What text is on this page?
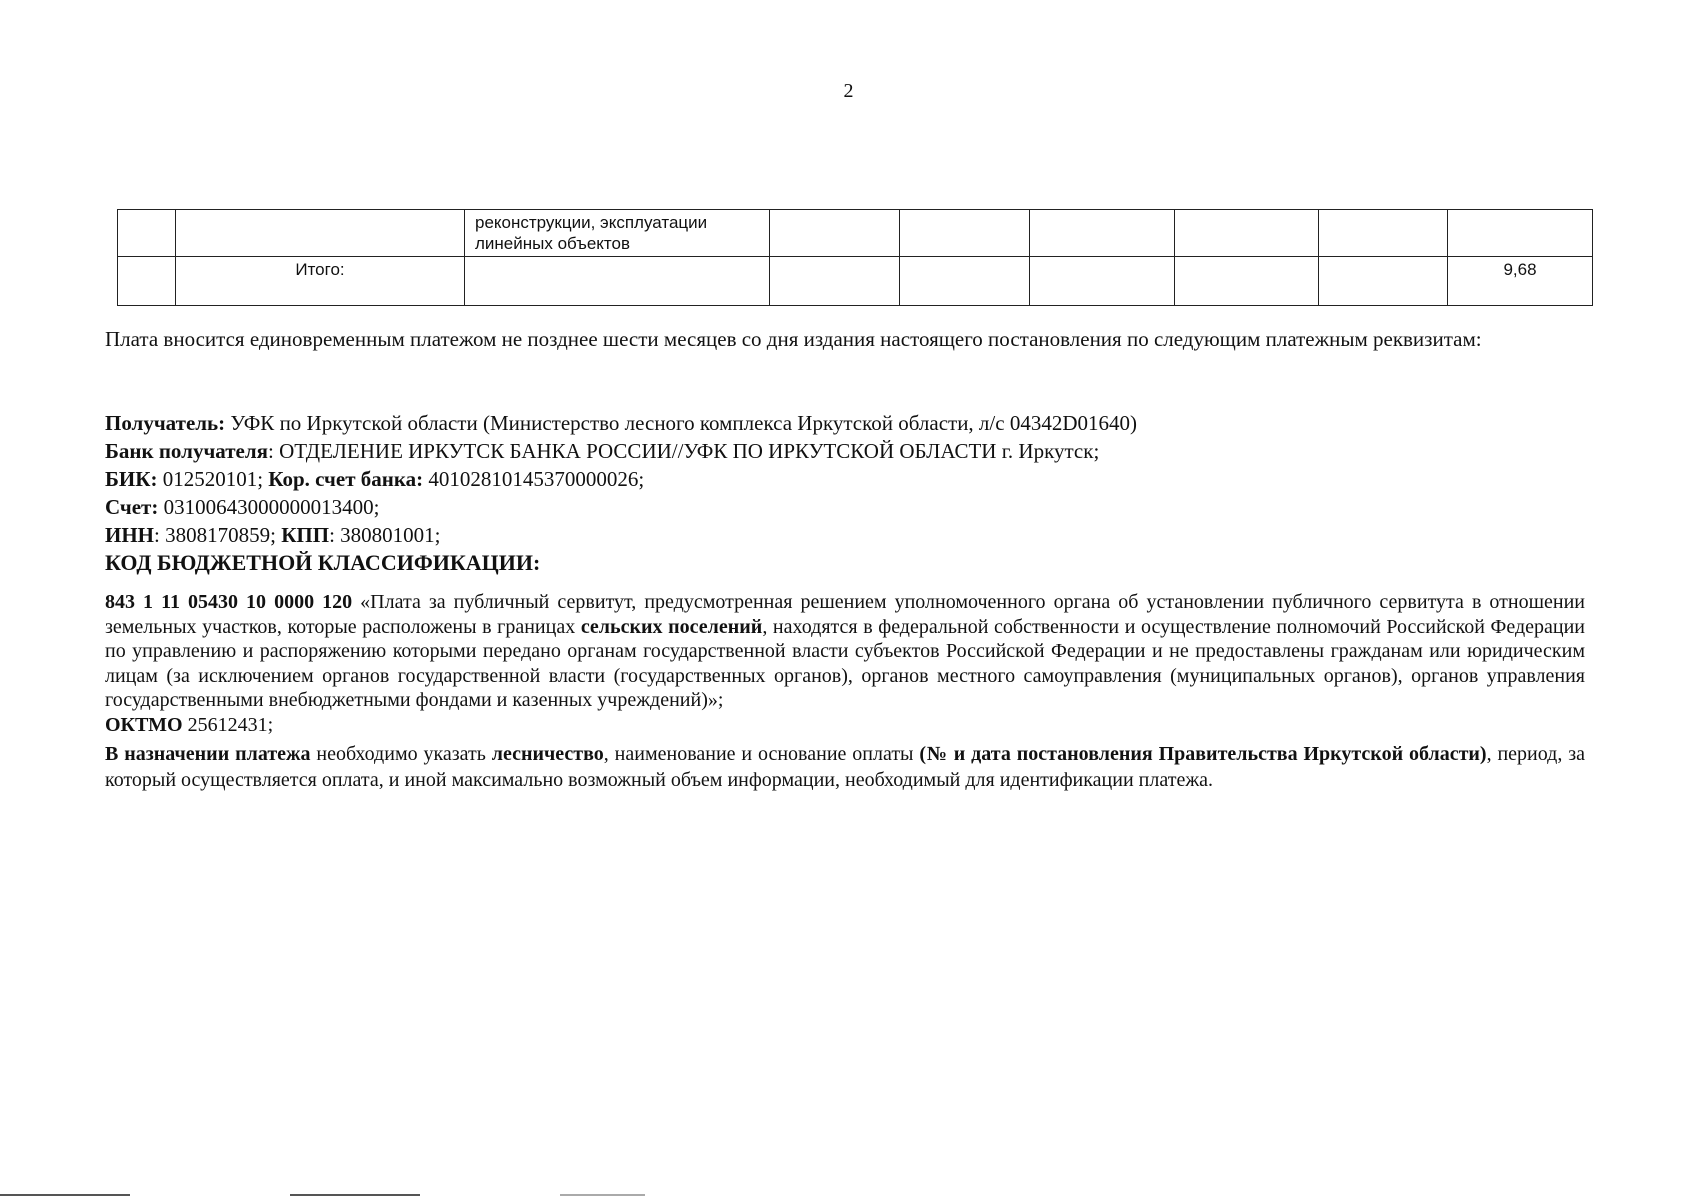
2
		реконструкции, эксплуатации линейных объектов						
	Итого:							9,68
Плата вносится единовременным платежом не позднее шести месяцев со дня издания настоящего постановления по следующим платежным реквизитам:
Получатель: УФК по Иркутской области (Министерство лесного комплекса Иркутской области, л/с 04342D01640)
Банк получателя: ОТДЕЛЕНИЕ ИРКУТСК БАНКА РОССИИ//УФК ПО ИРКУТСКОЙ ОБЛАСТИ г. Иркутск;
БИК: 012520101; Кор. счет банка: 40102810145370000026;
Счет: 03100643000000013400;
ИНН: 3808170859; КПП: 380801001;
КОД БЮДЖЕТНОЙ КЛАССИФИКАЦИИ:
843 1 11 05430 10 0000 120 «Плата за публичный сервитут, предусмотренная решением уполномоченного органа об установлении публичного сервитута в отношении земельных участков, которые расположены в границах сельских поселений, находятся в федеральной собственности и осуществление полномочий Российской Федерации по управлению и распоряжению которыми передано органам государственной власти субъектов Российской Федерации и не предоставлены гражданам или юридическим лицам (за исключением органов государственной власти (государственных органов), органов местного самоуправления (муниципальных органов), органов управления государственными внебюджетными фондами и казенных учреждений)»;
ОКТМО 25612431;
В назначении платежа необходимо указать лесничество, наименование и основание оплаты (№ и дата постановления Правительства Иркутской области), период, за который осуществляется оплата, и иной максимально возможный объем информации, необходимый для идентификации платежа.
